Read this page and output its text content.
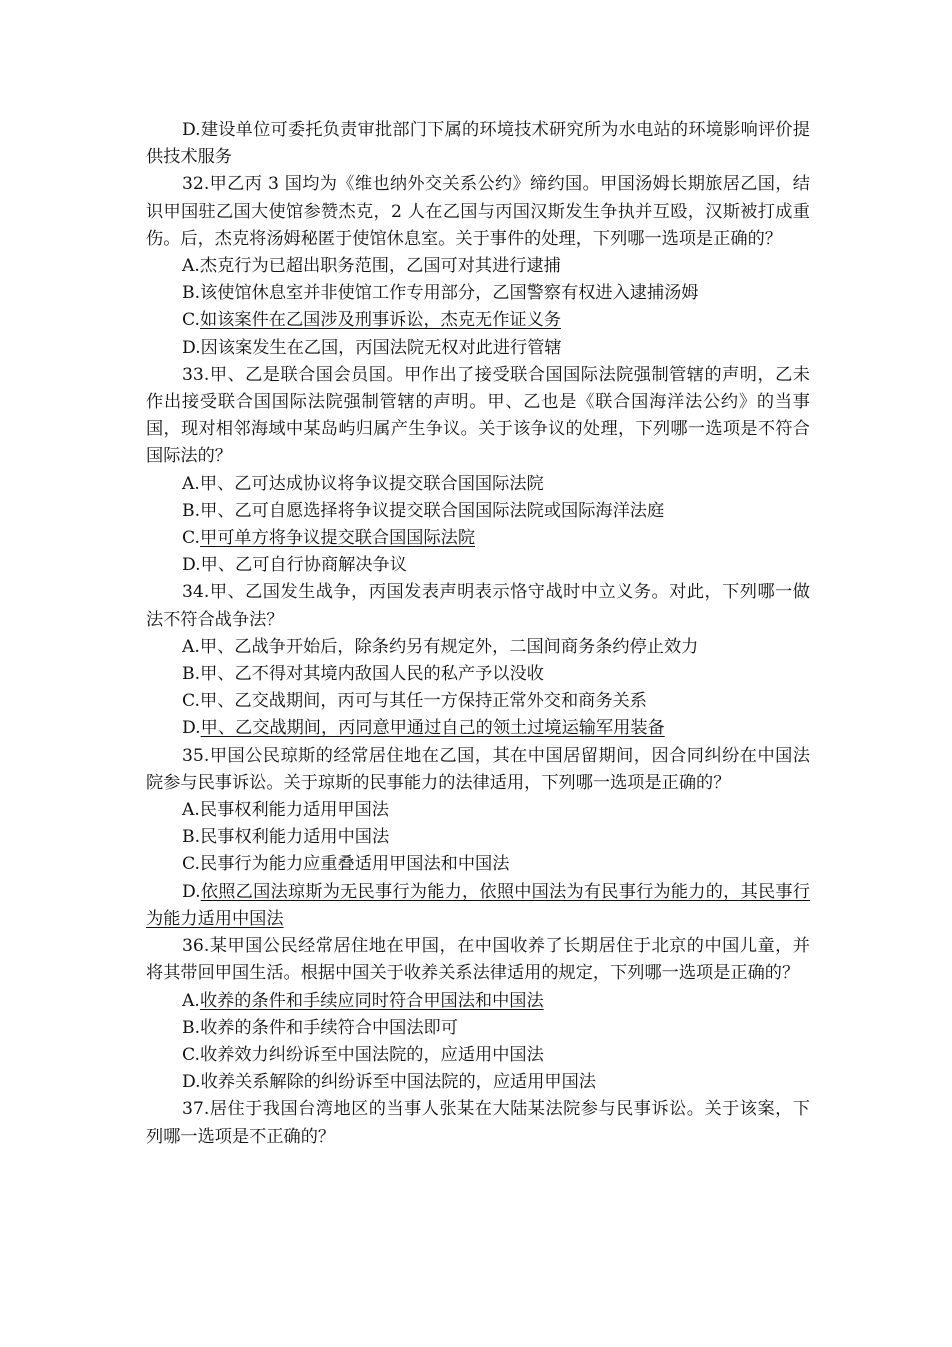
D.建设单位可委托负责审批部门下属的环境技术研究所为水电站的环境影响评价提供技术服务

32.甲乙丙 3 国均为《维也纳外交关系公约》缔约国。甲国汤姆长期旅居乙国，结识甲国驻乙国大使馆参赞杰克，2 人在乙国与丙国汉斯发生争执并互殴，汉斯被打成重伤。后，杰克将汤姆秘匿于使馆休息室。关于事件的处理，下列哪一选项是正确的？

A.杰克行为已超出职务范围，乙国可对其进行逮捕

B.该使馆休息室并非使馆工作专用部分，乙国警察有权进入逮捕汤姆

C.如该案件在乙国涉及刑事诉讼，杰克无作证义务

D.因该案发生在乙国，丙国法院无权对此进行管辖

33.甲、乙是联合国会员国。甲作出了接受联合国国际法院强制管辖的声明，乙未作出接受联合国国际法院强制管辖的声明。甲、乙也是《联合国海洋法公约》的当事国，现对相邻海域中某岛屿归属产生争议。关于该争议的处理，下列哪一选项是不符合国际法的？

A.甲、乙可达成协议将争议提交联合国国际法院

B.甲、乙可自愿选择将争议提交联合国国际法院或国际海洋法庭

C.甲可单方将争议提交联合国国际法院

D.甲、乙可自行协商解决争议

34.甲、乙国发生战争，丙国发表声明表示恪守战时中立义务。对此，下列哪一做法不符合战争法？

A.甲、乙战争开始后，除条约另有规定外，二国间商务条约停止效力

B.甲、乙不得对其境内敌国人民的私产予以没收

C.甲、乙交战期间，丙可与其任一方保持正常外交和商务关系

D.甲、乙交战期间，丙同意甲通过自己的领土过境运输军用装备

35.甲国公民琼斯的经常居住地在乙国，其在中国居留期间，因合同纠纷在中国法院参与民事诉讼。关于琼斯的民事能力的法律适用，下列哪一选项是正确的？

A.民事权利能力适用甲国法

B.民事权利能力适用中国法

C.民事行为能力应重叠适用甲国法和中国法

D.依照乙国法琼斯为无民事行为能力，依照中国法为有民事行为能力的，其民事行为能力适用中国法

36.某甲国公民经常居住地在甲国，在中国收养了长期居住于北京的中国儿童，并将其带回甲国生活。根据中国关于收养关系法律适用的规定，下列哪一选项是正确的？

A.收养的条件和手续应同时符合甲国法和中国法

B.收养的条件和手续符合中国法即可

C.收养效力纠纷诉至中国法院的，应适用中国法

D.收养关系解除的纠纷诉至中国法院的，应适用甲国法

37.居住于我国台湾地区的当事人张某在大陆某法院参与民事诉讼。关于该案，下列哪一选项是不正确的？
